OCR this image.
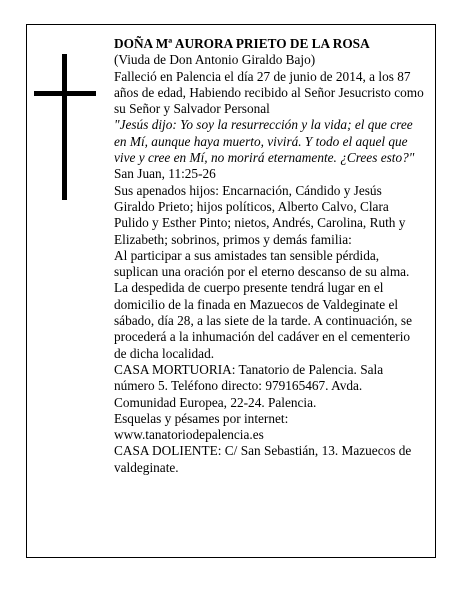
DOÑA Mª AURORA PRIETO DE LA ROSA

(Viuda de Don Antonio Giraldo Bajo)

Falleció en Palencia el día 27 de junio de 2014, a los 87 años de edad, Habiendo recibido al Señor Jesucristo como su Señor y Salvador Personal

"Jesús dijo: Yo soy la resurrección y la vida; el que cree en Mí, aunque haya muerto, vivirá. Y todo el aquel que vive y cree en Mí, no morirá eternamente. ¿Crees esto?"

San Juan, 11:25-26

Sus apenados hijos: Encarnación, Cándido y Jesús Giraldo Prieto; hijos políticos, Alberto Calvo, Clara Pulido y Esther Pinto; nietos, Andrés, Carolina, Ruth y Elizabeth; sobrinos, primos y demás familia:

Al participar a sus amistades tan sensible pérdida, suplican una oración por el eterno descanso de su alma.

La despedida de cuerpo presente tendrá lugar en el domicilio de la finada en Mazuecos de Valdeginate el sábado, día 28, a las siete de la tarde. A continuación, se procederá a la inhumación del cadáver en el cementerio de dicha localidad.

CASA MORTUORIA: Tanatorio de Palencia. Sala número 5. Teléfono directo: 979165467. Avda. Comunidad Europea, 22-24. Palencia.

Esquelas y pésames por internet:

www.tanatoriodepalencia.es

CASA DOLIENTE: C/ San Sebastián, 13. Mazuecos de valdeginate.
